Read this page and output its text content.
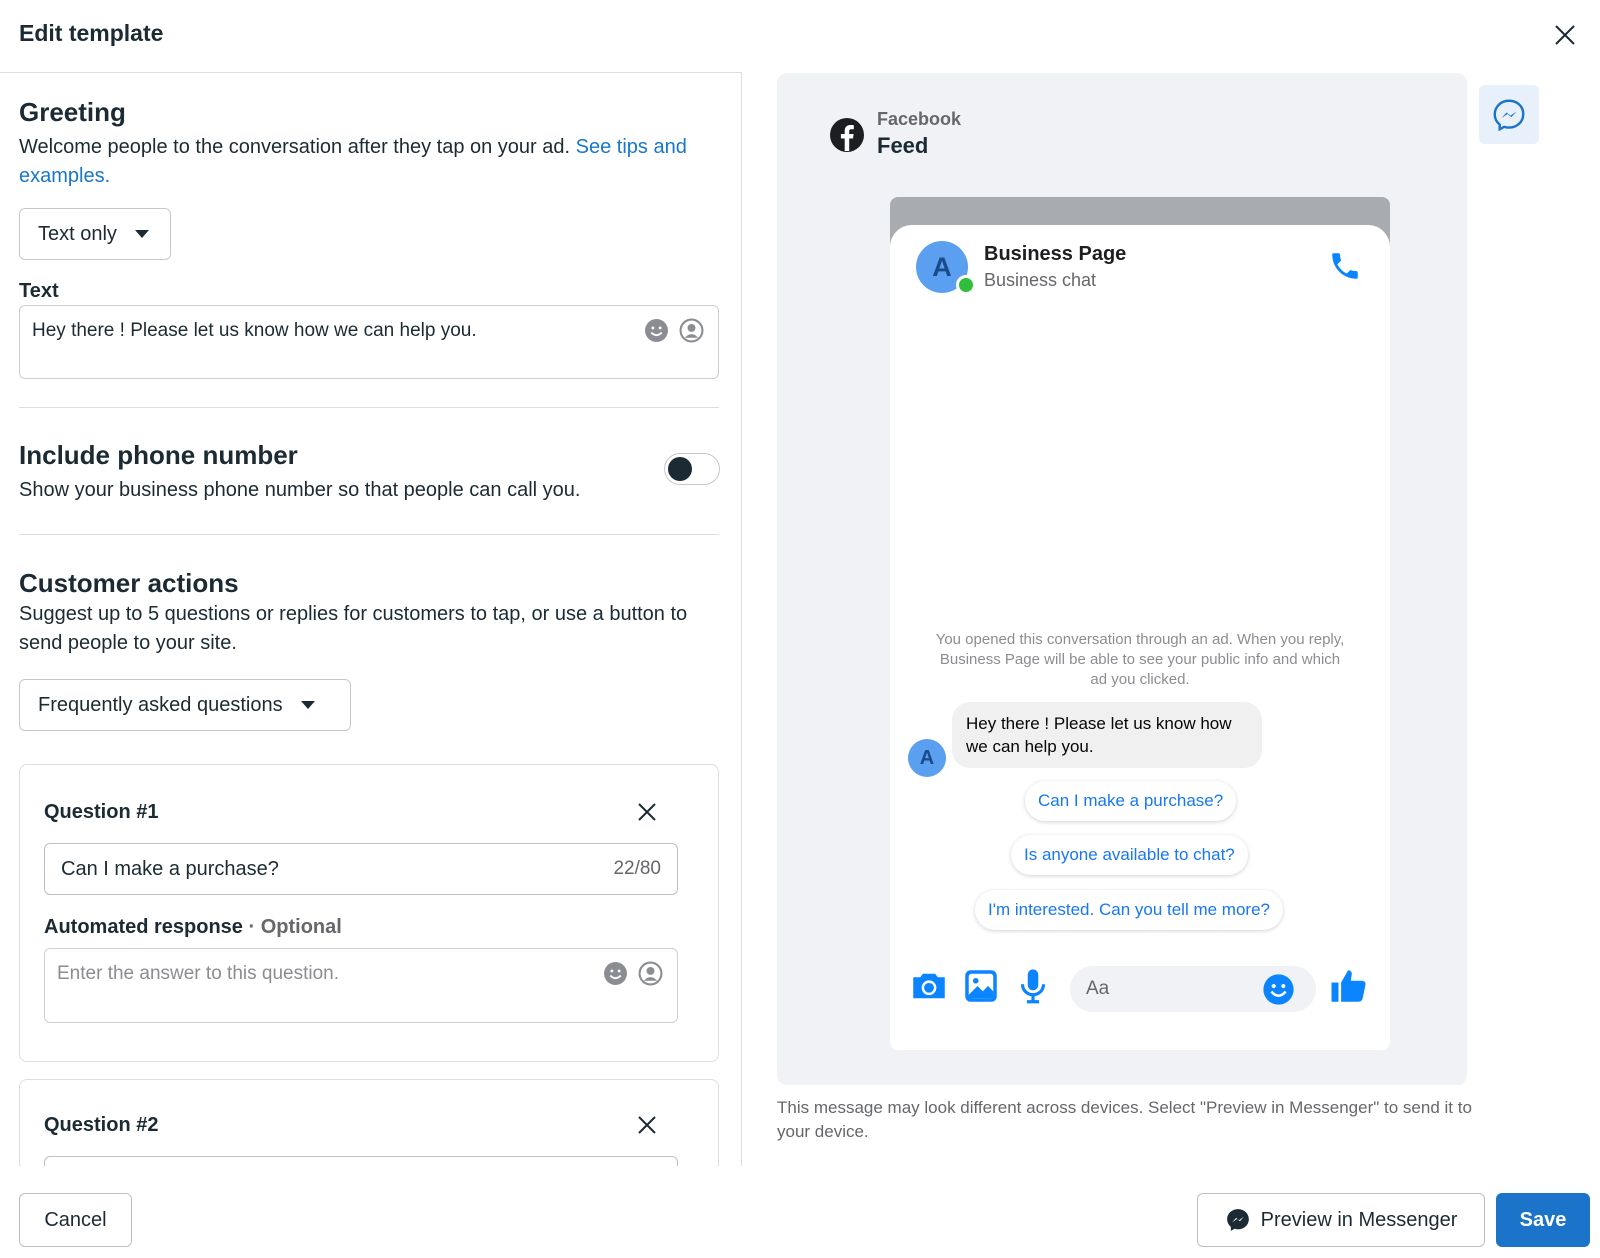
Edit template
Greeting
Welcome people to the conversation after they tap on your ad. See tips and examples.
Text only
Text
Hey there ! Please let us know how we can help you.
Include phone number
Show your business phone number so that people can call you.
Customer actions
Suggest up to 5 questions or replies for customers to tap, or use a button to send people to your site.
Frequently asked questions
Question #1
Can I make a purchase?	22/80
Automated response · Optional
Enter the answer to this question.
Question #2
Facebook
Feed
A	Business Page
Business chat
You opened this conversation through an ad. When you reply, Business Page will be able to see your public info and which ad you clicked.
A
Hey there ! Please let us know how we can help you.
Can I make a purchase?
Is anyone available to chat?
I'm interested. Can you tell me more?
Aa
This message may look different across devices. Select "Preview in Messenger" to send it to your device.
Cancel	Preview in Messenger	Save
